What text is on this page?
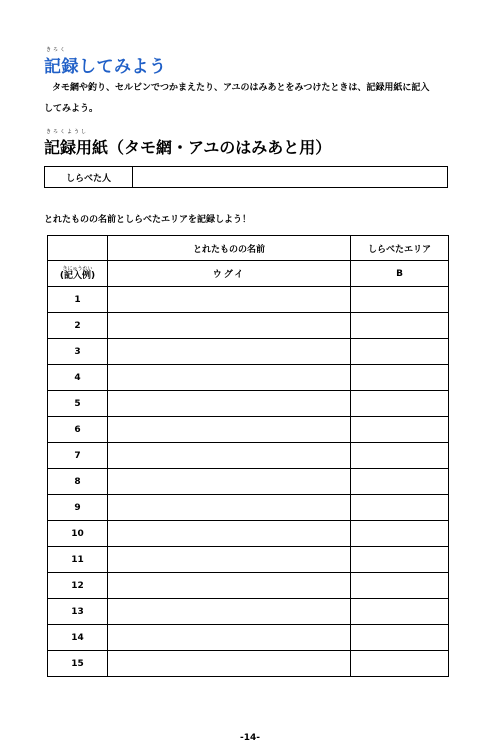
きろく
記録してみよう
タモ網や釣り、セルビンでつかまえたり、アユのはみあとをみつけたときは、記録用紙に記入
してみよう。
きろくようし
記録用紙（タモ網・アユのはみあと用）
しらべた人
とれたものの名前としらべたエリアを記録しよう！
	とれたものの名前	しらべたエリア

きにゅうれい
(記入例)	ウグイ	B
1		
2		
3		
4		
5		
6		
7		
8		
9		
10		
11		
12		
13		
14		
15		
-14-
